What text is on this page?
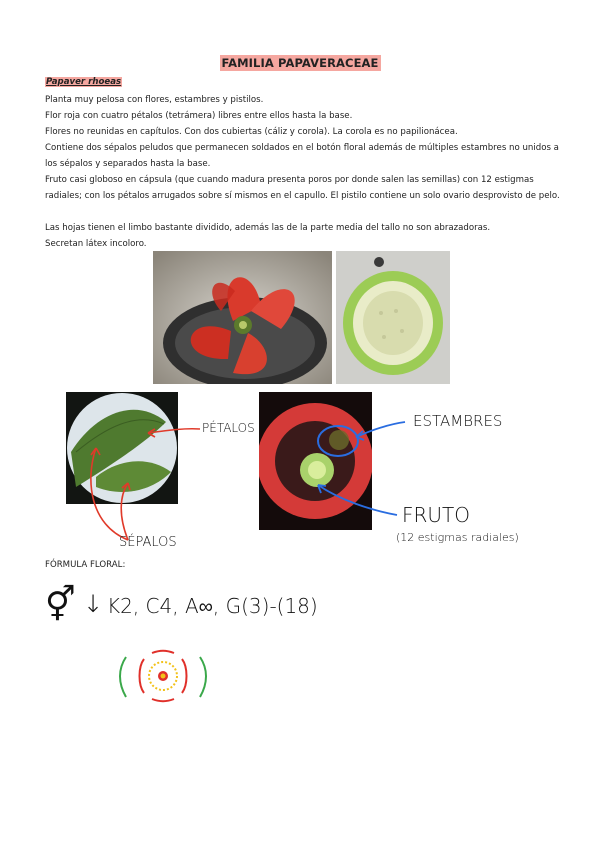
FAMILIA PAPAVERACEAE
Papaver rhoeas

Planta muy pelosa con flores, estambres y pistilos.

Flor roja con cuatro pétalos (tetrámera) libres entre ellos hasta la base.

Flores no reunidas en capítulos. Con dos cubiertas (cáliz y corola). La corola es no papilionácea.

Contiene dos sépalos peludos que permanecen soldados en el botón floral además de múltiples estambres no unidos a los sépalos y separados hasta la base.

Fruto casi globoso en cápsula (que cuando madura presenta poros por donde salen las semillas) con 12 estigmas radiales; con los pétalos arrugados sobre sí mismos en el capullo. El pistilo contiene un solo ovario desprovisto de pelo.

Las hojas tienen el limbo bastante dividido, además las de la parte media del tallo no son abrazadoras.

Secretan látex incoloro.

PÉTALOS
SÉPALOS
ESTAMBRES
FRUTO
(12 estigmas radiales)
FÓRMULA FLORAL:
⚥ ↓ K2, C4, A∞, G(3)-(18)
